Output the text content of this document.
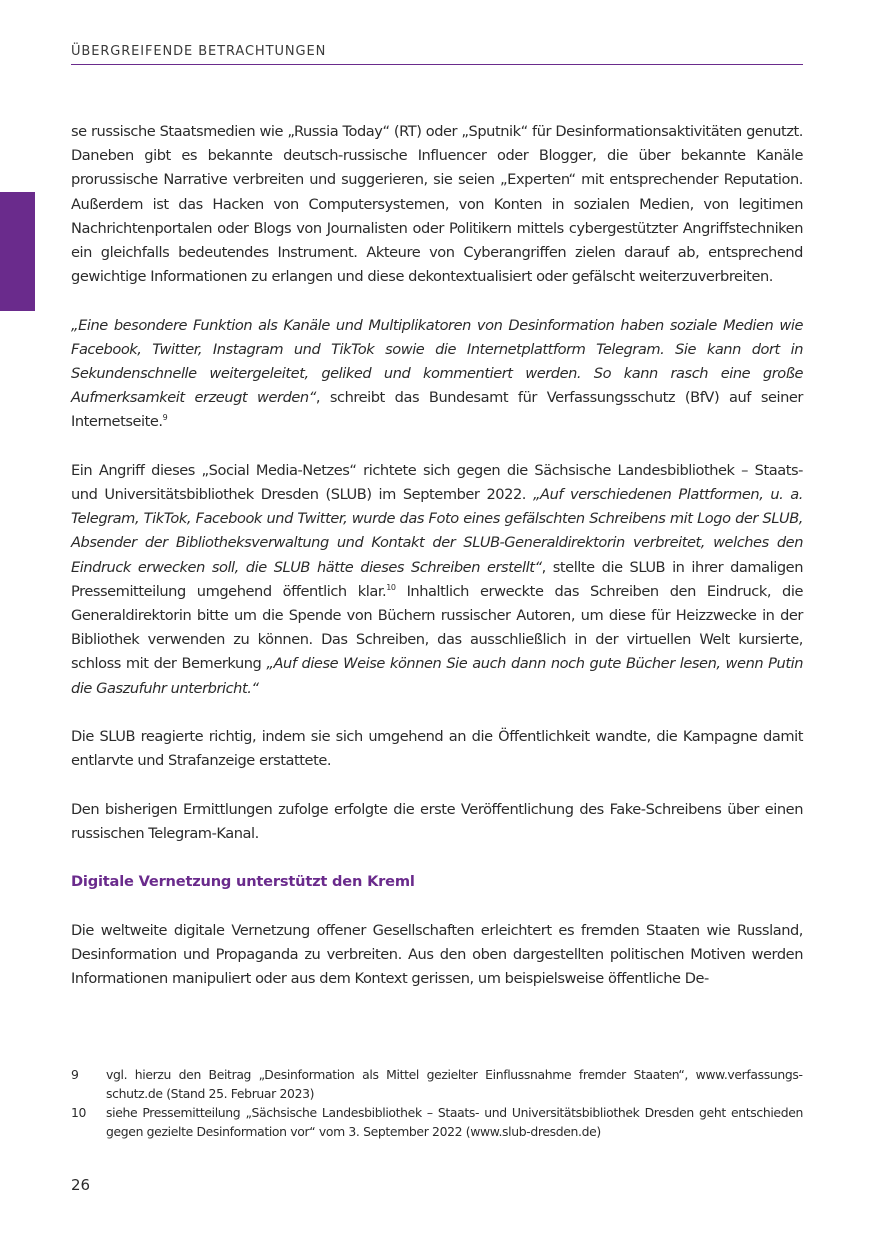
ÜBERGREIFENDE BETRACHTUNGEN

se russische Staatsmedien wie „Russia Today“ (RT) oder „Sputnik“ für Desinformationsaktivitäten genutzt. Daneben gibt es bekannte deutsch-russische Influencer oder Blogger, die über bekannte Kanäle prorussische Narrative verbreiten und suggerieren, sie seien „Experten“ mit entsprechender Reputation. Außerdem ist das Hacken von Computersystemen, von Konten in sozialen Medien, von legitimen Nachrichtenportalen oder Blogs von Journalisten oder Politikern mittels cybergestützter Angriffstechniken ein gleichfalls bedeutendes Instrument. Akteure von Cyberangriffen zielen darauf ab, entsprechend gewichtige Informationen zu erlangen und diese dekontextualisiert oder gefälscht weiterzuverbreiten.

„Eine besondere Funktion als Kanäle und Multiplikatoren von Desinformation haben soziale Medien wie Facebook, Twitter, Instagram und TikTok sowie die Internetplattform Telegram. Sie kann dort in Sekundenschnelle weitergeleitet, geliked und kommentiert werden. So kann rasch eine große Aufmerksamkeit erzeugt werden“, schreibt das Bundesamt für Verfassungsschutz (BfV) auf seiner Internetseite.$^9$

Ein Angriff dieses „Social Media-Netzes“ richtete sich gegen die Sächsische Landesbibliothek – Staats- und Universitätsbibliothek Dresden (SLUB) im September 2022. „Auf verschiedenen Plattformen, u. a. Telegram, TikTok, Facebook und Twitter, wurde das Foto eines gefälschten Schreibens mit Logo der SLUB, Absender der Bibliotheksverwaltung und Kontakt der SLUB-Generaldirektorin verbreitet, welches den Eindruck erwecken soll, die SLUB hätte dieses Schreiben erstellt“, stellte die SLUB in ihrer damaligen Pressemitteilung umgehend öffentlich klar.$^{10}$ Inhaltlich erweckte das Schreiben den Eindruck, die Generaldirektorin bitte um die Spende von Büchern russischer Autoren, um diese für Heizzwecke in der Bibliothek verwenden zu können. Das Schreiben, das ausschließlich in der virtuellen Welt kursierte, schloss mit der Bemerkung „Auf diese Weise können Sie auch dann noch gute Bücher lesen, wenn Putin die Gaszufuhr unterbricht.“

Die SLUB reagierte richtig, indem sie sich umgehend an die Öffentlichkeit wandte, die Kampagne damit entlarvte und Strafanzeige erstattete.

Den bisherigen Ermittlungen zufolge erfolgte die erste Veröffentlichung des Fake-Schreibens über einen russischen Telegram-Kanal.

Digitale Vernetzung unterstützt den Kreml

Die weltweite digitale Vernetzung offener Gesellschaften erleichtert es fremden Staaten wie Russland, Desinformation und Propaganda zu verbreiten. Aus den oben dargestellten politischen Motiven werden Informationen manipuliert oder aus dem Kontext gerissen, um beispielsweise öffentliche De-

9	vgl. hierzu den Beitrag „Desinformation als Mittel gezielter Einflussnahme fremder Staaten“, www.verfassungsschutz.de (Stand 25. Februar 2023)
10	siehe Pressemitteilung „Sächsische Landesbibliothek – Staats- und Universitätsbibliothek Dresden geht entschieden gegen gezielte Desinformation vor“ vom 3. September 2022 (www.slub-dresden.de)
26
